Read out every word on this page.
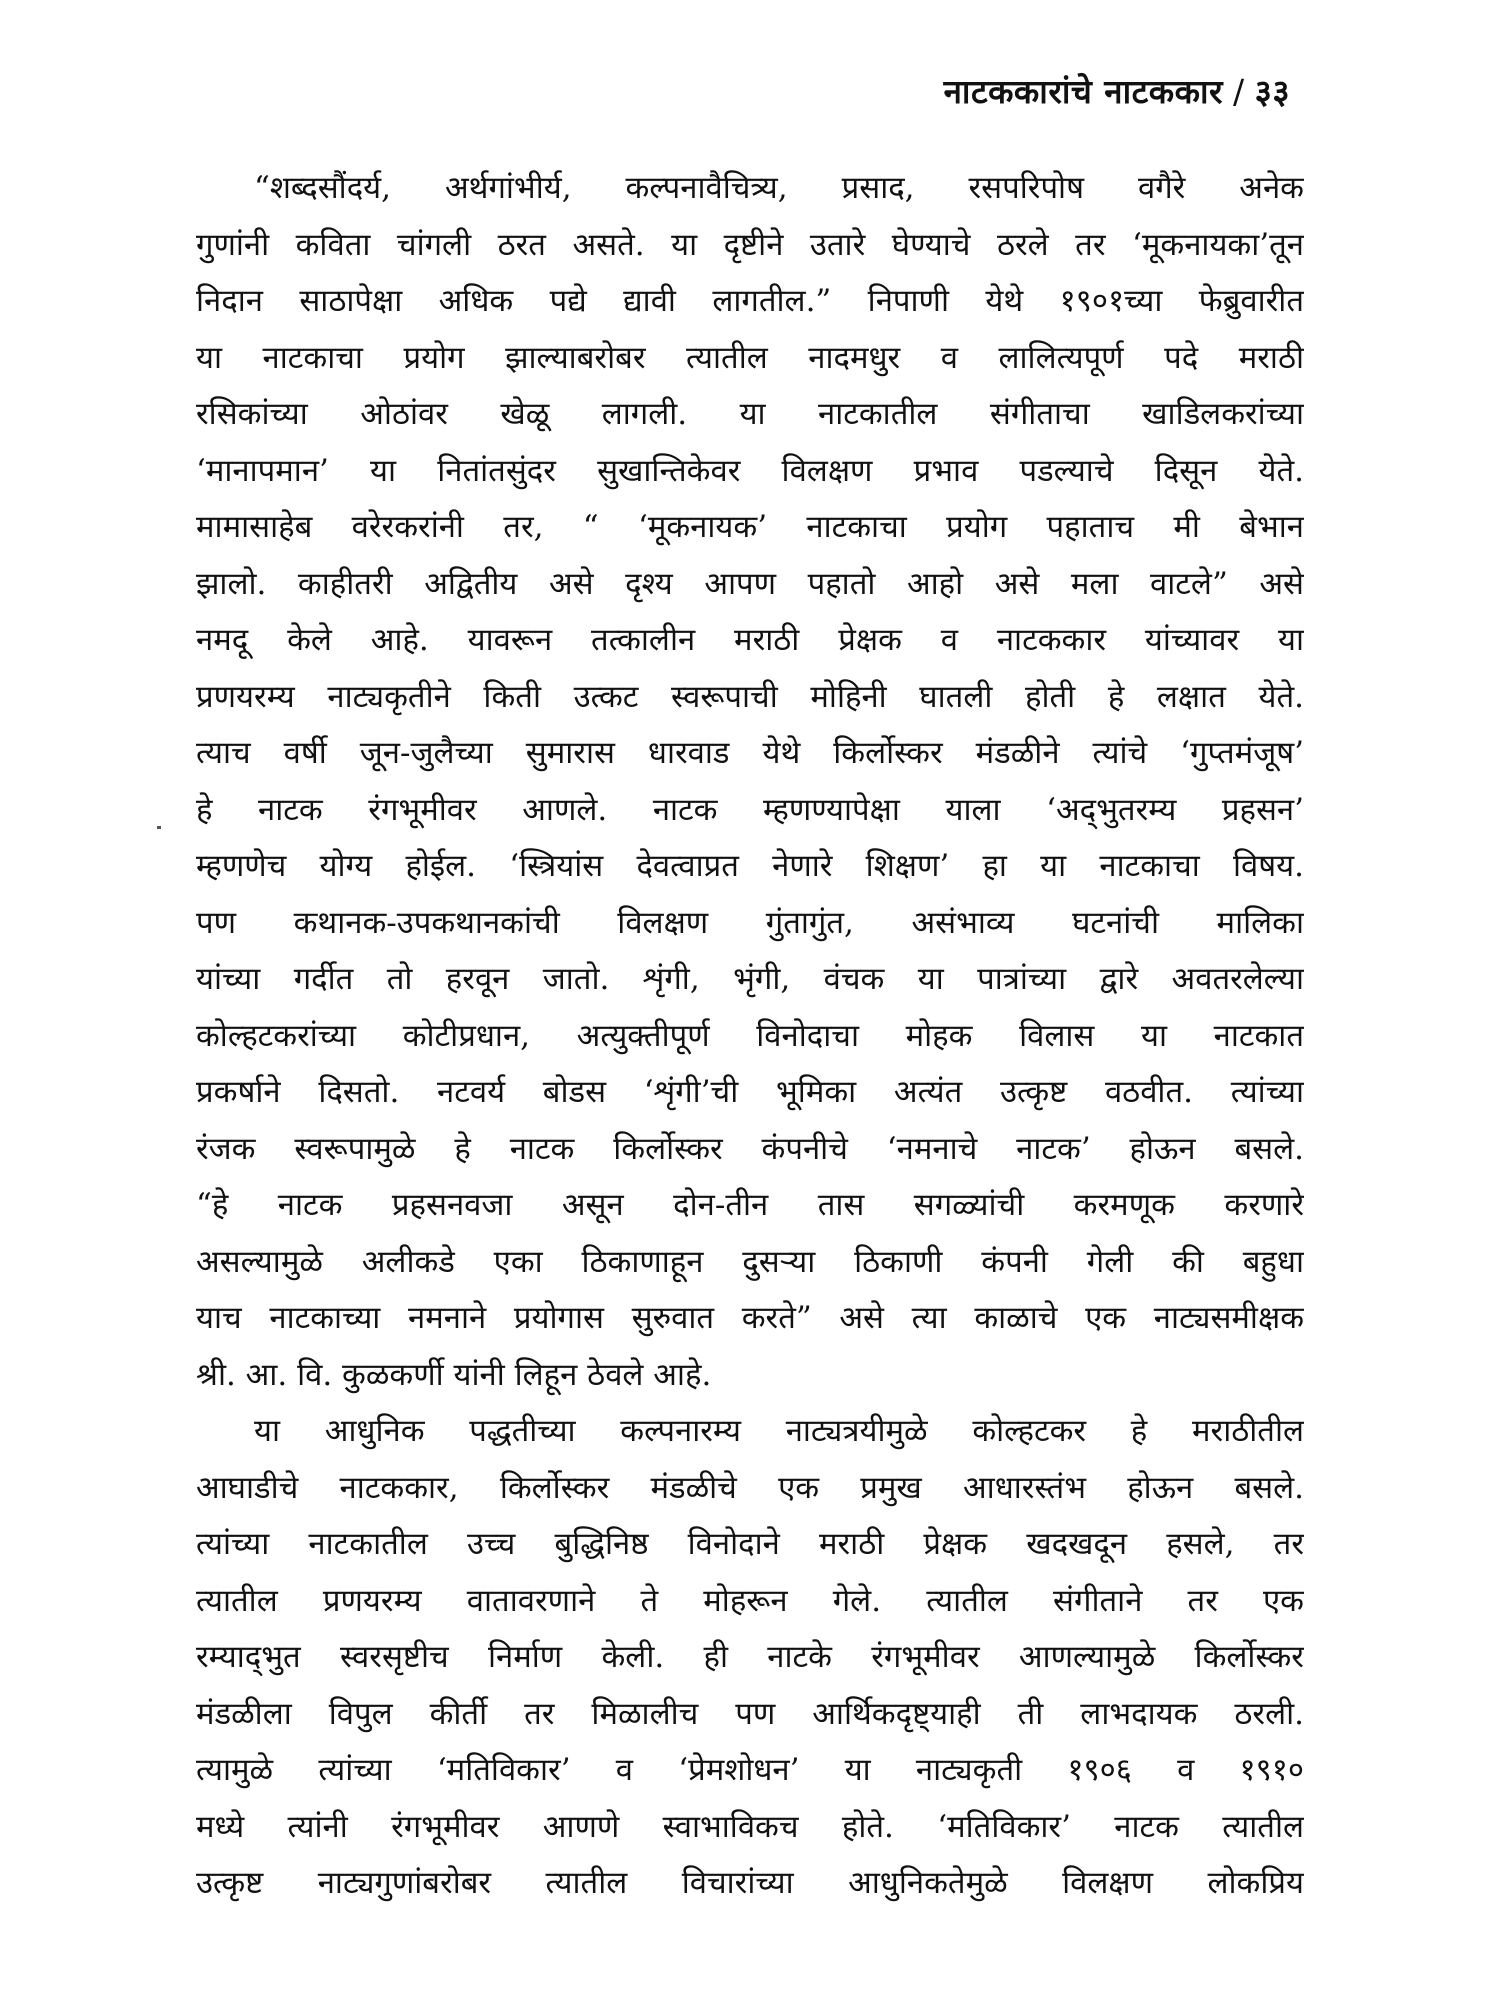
नाटककारांचे नाटककार / ३३
“शब्दसौंदर्य, अर्थगांभीर्य, कल्पनावैचित्र्य, प्रसाद, रसपरिपोष वगैरे अनेक
गुणांनी कविता चांगली ठरत असते. या दृष्टीने उतारे घेण्याचे ठरले तर ‘मूकनायका’तून
निदान साठापेक्षा अधिक पद्ये द्यावी लागतील.” निपाणी येथे १९०१च्या फेब्रुवारीत
या नाटकाचा प्रयोग झाल्याबरोबर त्यातील नादमधुर व लालित्यपूर्ण पदे मराठी
रसिकांच्या ओठांवर खेळू लागली. या नाटकातील संगीताचा खाडिलकरांच्या
‘मानापमान’ या नितांतसुंदर सुखान्तिकेवर विलक्षण प्रभाव पडल्याचे दिसून येते.
मामासाहेब वरेरकरांनी तर, “ ‘मूकनायक’ नाटकाचा प्रयोग पहाताच मी बेभान
झालो. काहीतरी अद्वितीय असे दृश्य आपण पहातो आहो असे मला वाटले” असे
नमदू केले आहे. यावरून तत्कालीन मराठी प्रेक्षक व नाटककार यांच्यावर या
प्रणयरम्य नाट्यकृतीने किती उत्कट स्वरूपाची मोहिनी घातली होती हे लक्षात येते.
त्याच वर्षी जून-जुलैच्या सुमारास धारवाड येथे किर्लोस्कर मंडळीने त्यांचे ‘गुप्तमंजूष’
हे नाटक रंगभूमीवर आणले. नाटक म्हणण्यापेक्षा याला ‘अद्‌भुतरम्य प्रहसन’
म्हणणेच योग्य होईल. ‘स्त्रियांस देवत्वाप्रत नेणारे शिक्षण’ हा या नाटकाचा विषय.
पण कथानक-उपकथानकांची विलक्षण गुंतागुंत, असंभाव्य घटनांची मालिका
यांच्या गर्दीत तो हरवून जातो. शृंगी, भृंगी, वंचक या पात्रांच्या द्वारे अवतरलेल्या
कोल्हटकरांच्या कोटीप्रधान, अत्युक्तीपूर्ण विनोदाचा मोहक विलास या नाटकात
प्रकर्षाने दिसतो. नटवर्य बोडस ‘शृंगी’ची भूमिका अत्यंत उत्कृष्ट वठवीत. त्यांच्या
रंजक स्वरूपामुळे हे नाटक किर्लोस्कर कंपनीचे ‘नमनाचे नाटक’ होऊन बसले.
“हे नाटक प्रहसनवजा असून दोन-तीन तास सगळ्यांची करमणूक करणारे
असल्यामुळे अलीकडे एका ठिकाणाहून दुसऱ्या ठिकाणी कंपनी गेली की बहुधा
याच नाटकाच्या नमनाने प्रयोगास सुरुवात करते” असे त्या काळाचे एक नाट्यसमीक्षक
श्री. आ. वि. कुळकर्णी यांनी लिहून ठेवले आहे.
या आधुनिक पद्धतीच्या कल्पनारम्य नाट्यत्रयीमुळे कोल्हटकर हे मराठीतील
आघाडीचे नाटककार, किर्लोस्कर मंडळीचे एक प्रमुख आधारस्तंभ होऊन बसले.
त्यांच्या नाटकातील उच्च बुद्धिनिष्ठ विनोदाने मराठी प्रेक्षक खदखदून हसले, तर
त्यातील प्रणयरम्य वातावरणाने ते मोहरून गेले. त्यातील संगीताने तर एक
रम्याद्‌भुत स्वरसृष्टीच निर्माण केली. ही नाटके रंगभूमीवर आणल्यामुळे किर्लोस्कर
मंडळीला विपुल कीर्ती तर मिळालीच पण आर्थिकदृष्ट्याही ती लाभदायक ठरली.
त्यामुळे त्यांच्या ‘मतिविकार’ व ‘प्रेमशोधन’ या नाट्यकृती १९०६ व १९१०
मध्ये त्यांनी रंगभूमीवर आणणे स्वाभाविकच होते. ‘मतिविकार’ नाटक त्यातील
उत्कृष्ट नाट्यगुणांबरोबर त्यातील विचारांच्या आधुनिकतेमुळे विलक्षण लोकप्रिय
